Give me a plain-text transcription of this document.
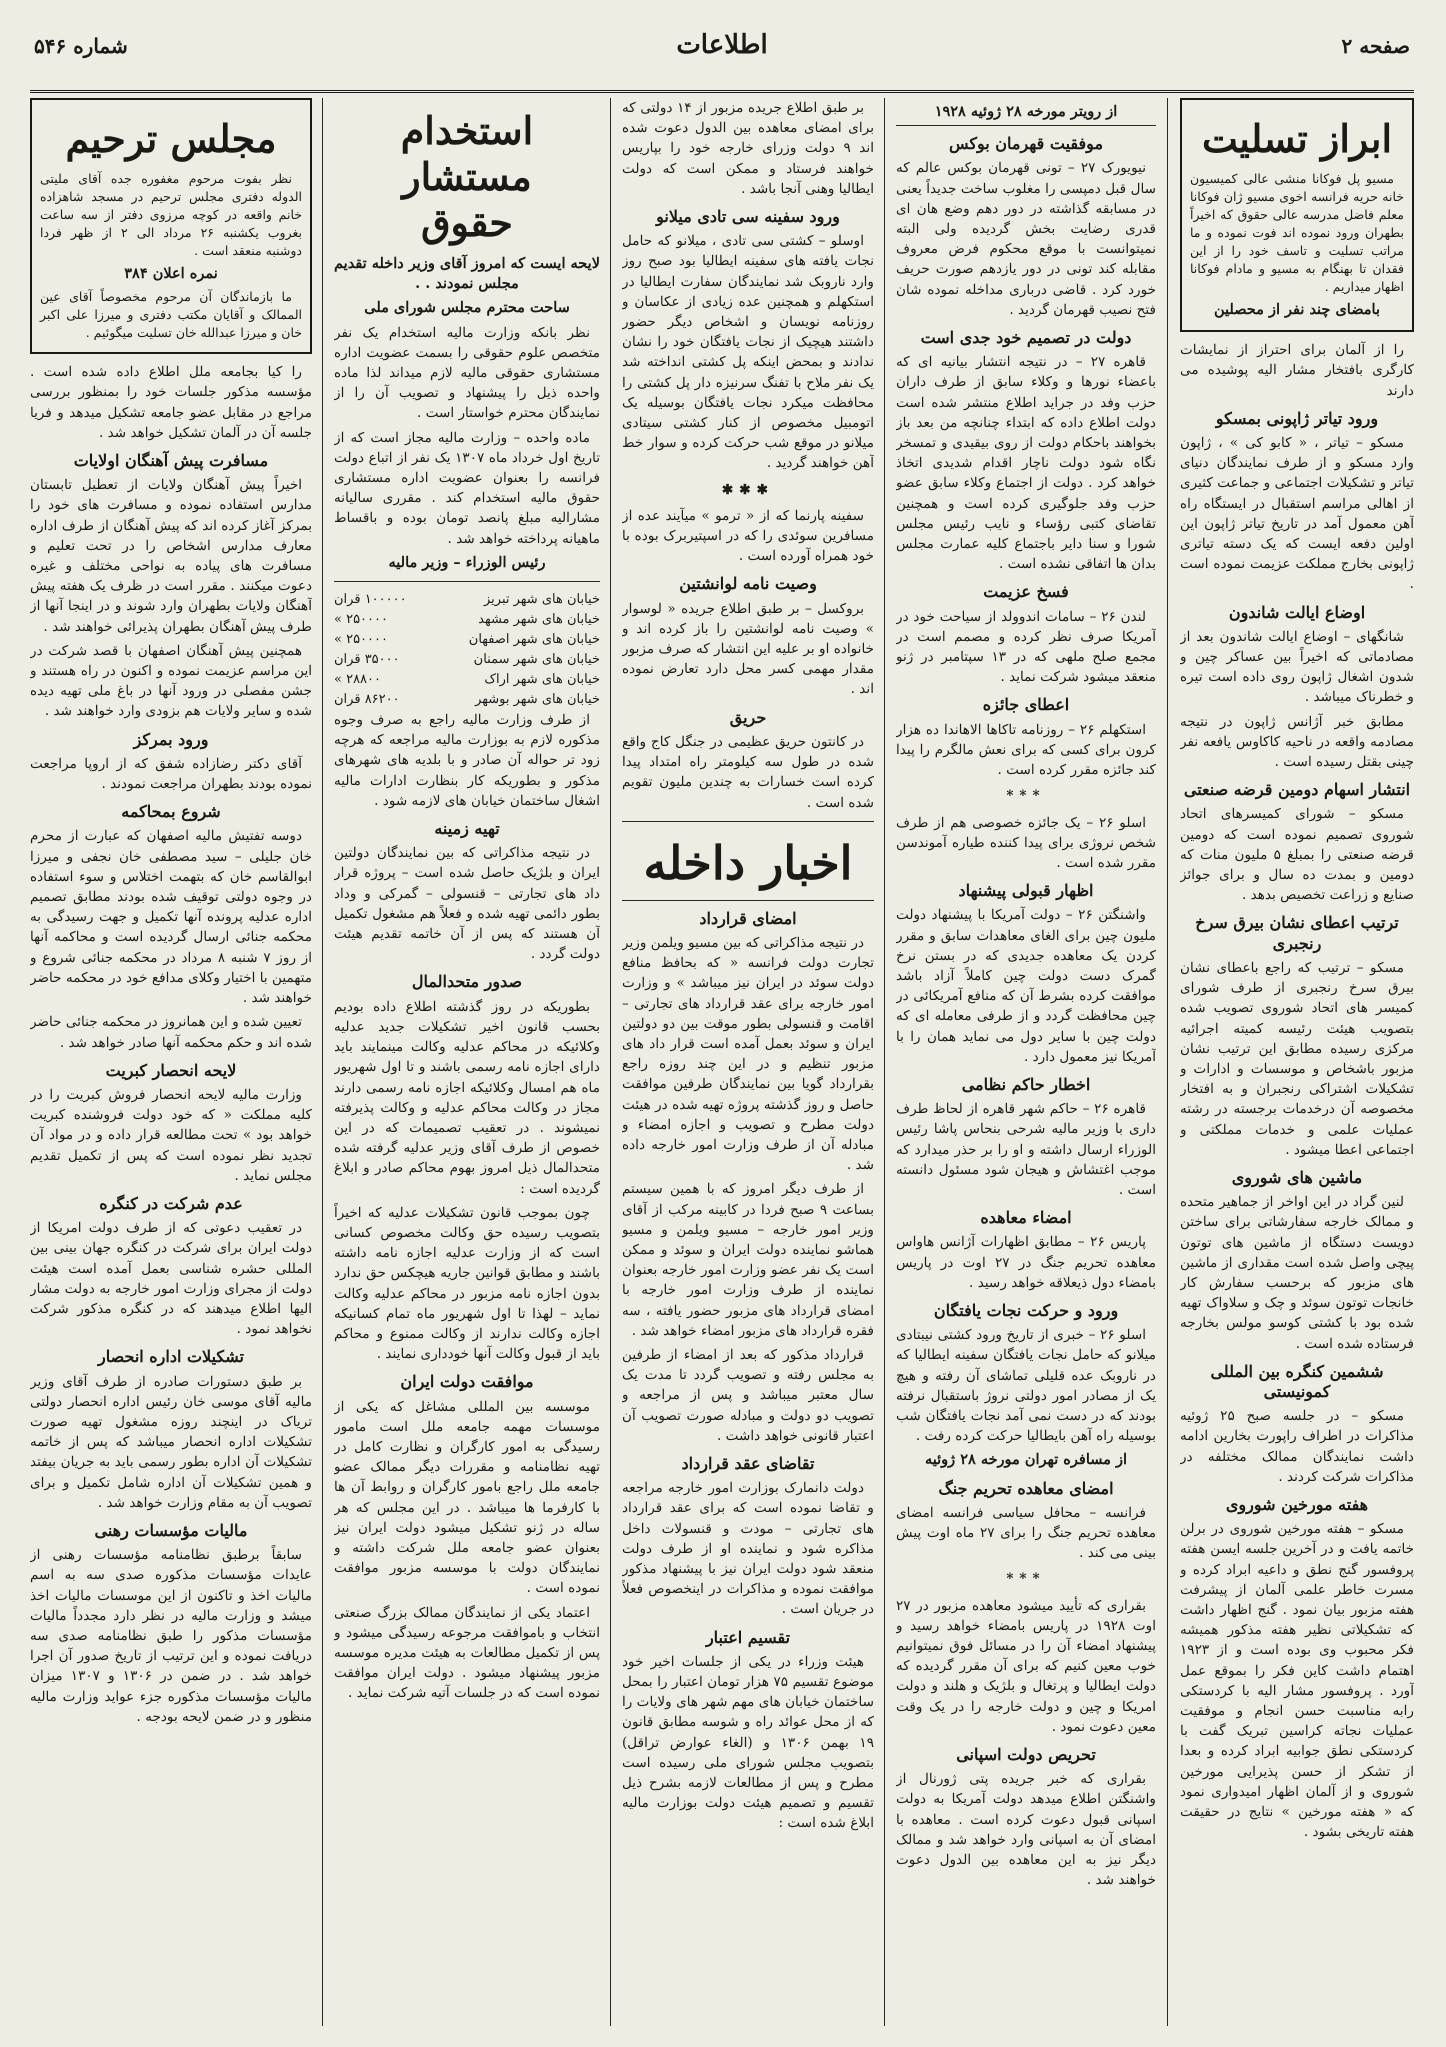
صفحه ۲
اطلاعات
شماره ۵۴۶
ابراز تسلیت

مسیو پل فوکانا منشی عالی کمیسیون خانه حریه فرانسه اخوی مسیو ژان فوکانا معلم فاضل مدرسه عالی حقوق که اخیراً بطهران ورود نموده اند فوت نموده و ما مراتب تسلیت و تاسف خود را از این فقدان تا بهنگام به مسیو و مادام فوکانا اظهار میداریم .

بامضای چند نفر از محصلین

را از آلمان برای احتراز از نمایشات کارگری بافتخار مشار الیه پوشیده می دارند

ورود تیاتر ژاپونی بمسکو

مسکو – تیاتر ، « کابو کی » ، ژاپون وارد مسکو و از طرف نمایندگان دنیای تیاتر و تشکیلات اجتماعی و جماعت کثیری از اهالی مراسم استقبال در ایستگاه راه آهن معمول آمد در تاریخ تیاتر ژاپون این اولین دفعه ایست که یک دسته تیاتری ژاپونی بخارج مملکت عزیمت نموده است .

اوضاع ایالت شاندون

شانگهای – اوضاع ایالت شاندون بعد از مصادماتی که اخیراً بین عساکر چین و شدون اشغال ژاپون روی داده است تیره و خطرناک میباشد .

مطابق خبر آژانس ژاپون در نتیجه مصادمه واقعه در ناحیه کاکاوس یافعه نفر چینی بقتل رسیده است .

انتشار اسهام دومین قرضه صنعتی

مسکو – شورای کمیسرهای اتحاد شوروی تصمیم نموده است که دومین قرضه صنعتی را بمبلغ ۵ ملیون منات که دومین و بمدت ده سال و برای جوائز صنایع و زراعت تخصیص بدهد .

ترتیب اعطای نشان بیرق سرخ رنجبری

مسکو – ترتیب که راجع باعطای نشان بیرق سرخ رنجبری از طرف شورای کمیسر های اتحاد شوروی تصویب شده بتصویب هیئت رئیسه کمیته اجرائیه مرکزی رسیده مطابق این ترتیب نشان مزبور باشخاص و موسسات و ادارات و تشکیلات اشتراکی رنجبران و به افتخار مخصوصه آن درخدمات برجسته در رشته عملیات علمی و خدمات مملکتی و اجتماعی اعطا میشود .

ماشین های شوروی

لنین گراد در این اواخر از جماهیر متحده و ممالک خارجه سفارشاتی برای ساختن دویست دستگاه از ماشین های توتون پیچی واصل شده است مقداری از ماشین های مزبور که برحسب سفارش کار خانجات توتون سوئد و چک و سلاواک تهیه شده بود با کشتی کوسو مولس بخارجه فرستاده شده است .

ششمین کنگره بین المللی کمونیستی

مسکو – در جلسه صبح ۲۵ ژوئیه مذاکرات در اطراف راپورت بخارین ادامه داشت نمایندگان ممالک مختلفه در مذاکرات شرکت کردند .

هفته مورخین شوروی

مسکو – هفته مورخین شوروی در برلن خاتمه یافت و در آخرین جلسه ایسن هفته پروفسور گنج نطق و داعیه ابراد کرده و مسرت خاطر علمی آلمان از پیشرفت هفته مزبور بیان نمود . گنج اظهار داشت که تشکیلاتی نظیر هفته مذکور همیشه فکر محبوب وی بوده است و از ۱۹۲۳ اهتمام داشت کاین فکر را بموقع عمل آورد . پروفسور مشار الیه با کردستکی رابه مناسبت حسن انجام و موفقیت عملیات نجاته کراسین تبریک گفت با کردستکی نطق جوابیه ابراد کرده و بعدا از تشکر از حسن پذیرایی مورخین شوروی و از آلمان اظهار امیدواری نمود که « هفته مورخین » نتایج در حقیقت هفته تاریخی بشود .

از رویتر مورخه ۲۸ ژوئیه ۱۹۲۸
موفقیت قهرمان بوکس

نیویورک ۲۷ – تونی قهرمان بوکس عالم که سال قبل دمپسی را مغلوب ساخت جدیداً یعنی در مسابقه گذاشته در دور دهم وضع هان ای قدری رضایت بخش گردیده ولی البته نمیتوانست با موقع محکوم فرض معروف مقابله کند تونی در دور یازدهم صورت حریف خورد کرد . قاضی درباری مداخله نموده شان فتح نصیب قهرمان گردید .

دولت در تصمیم خود جدی است

قاهره ۲۷ – در نتیجه انتشار بیانیه ای که باعضاء نورها و وکلاء سابق از طرف داران حزب وفد در جراید اطلاع منتشر شده است دولت اطلاع داده که ابتداء چنانچه من بعد باز بخواهند باحکام دولت از روی بیقیدی و تمسخر نگاه شود دولت ناچار اقدام شدیدی اتخاذ خواهد کرد . دولت از اجتماع وکلاء سابق عضو حزب وفد جلوگیری کرده است و همچنین تقاضای کتبی رؤساء و نایب رئیس مجلس شورا و سنا دایر باجتماع کلیه عمارت مجلس بدان ها اتفاقی نشده است .

فسخ عزیمت

لندن ۲۶ – سامات اندوولد از سیاحت خود در آمریکا صرف نظر کرده و مصمم است در مجمع صلح ملهی که در ۱۳ سپتامبر در ژنو منعقد میشود شرکت نماید .

اعطای جائزه

استکهلم ۲۶ – روزنامه تاکاها الاهاندا ده هزار کرون برای کسی که برای نعش مالگرم را پیدا کند جائزه مقرر کرده است .

***

اسلو ۲۶ – یک جائزه خصوصی هم از طرف شخص نروژی برای پیدا کننده طیاره آموندسن مقرر شده است .

اظهار قبولی پیشنهاد

واشنگتن ۲۶ – دولت آمریکا با پیشنهاد دولت ملیون چین برای الغای معاهدات سابق و مقرر کردن یک معاهده جدیدی که در بستن نرخ گمرک دست دولت چین کاملاً آزاد باشد موافقت کرده بشرط آن که منافع آمریکائی در چین محافظت گردد و از طرفی معامله ای که دولت چین با سایر دول می نماید همان را با آمریکا نیز معمول دارد .

اخطار حاکم نظامی

قاهره ۲۶ – حاکم شهر قاهره از لحاظ طرف داری با وزیر مالیه شرحی بنحاس پاشا رئیس الوزراء ارسال داشته و او را بر حذر میدارد که موجب اغتشاش و هیجان شود مسئول دانسته است .

امضاء معاهده

پاریس ۲۶ – مطابق اظهارات آژانس هاواس معاهده تحریم جنگ در ۲۷ اوت در پاریس بامضاء دول ذیعلاقه خواهد رسید .

ورود و حرکت نجات یافتگان

اسلو ۲۶ – خبری از تاریخ ورود کشتی نیبتادی میلانو که حامل نجات یافتگان سفینه ایطالیا که در ناروبک عده قلیلی تماشای آن رفته و هیچ یک از مصادر امور دولتی نروژ باستقبال نرفته بودند که در دست نمی آمد نجات یافتگان شب بوسیله راه آهن بایطالیا حرکت کرده رفت .

از مسافره تهران مورخه ۲۸ ژوئیه
امضای معاهده تحریم جنگ

فرانسه – محافل سیاسی فرانسه امضای معاهده تحریم جنگ را برای ۲۷ ماه اوت پیش بینی می کند .

***

بقراری که تأیید میشود معاهده مزبور در ۲۷ اوت ۱۹۲۸ در پاریس بامضاء خواهد رسید و پیشنهاد امضاء آن را در مسائل فوق نمیتوانیم خوب معین کنیم که برای آن مقرر گردیده که دولت ایطالیا و پرتغال و بلژیک و هلند و دولت امریکا و چین و دولت خارجه را در یک وقت معین دعوت نمود .

تحریص دولت اسپانی

بقراری که خبر جریده پتی ژورنال از واشنگتن اطلاع میدهد دولت آمریکا به دولت اسپانی قبول دعوت کرده است . معاهده با امضای آن به اسپانی وارد خواهد شد و ممالک دیگر نیز به این معاهده بین الدول دعوت خواهند شد .

بر طبق اطلاع جریده مزبور از ۱۴ دولتی که برای امضای معاهده بین الدول دعوت شده اند ۹ دولت وزرای خارجه خود را بپاریس خواهند فرستاد و ممکن است که دولت ایطالیا وهنی آنجا باشد .

ورود سفینه سی تادی میلانو

اوسلو – کشتی سی تادی ، میلانو که حامل نجات یافته های سفینه ایطالیا بود صبح روز وارد ناروبک شد نمایندگان سفارت ایطالیا در استکهلم و همچنین عده زیادی از عکاسان و روزنامه نویسان و اشخاص دیگر حضور داشتند هیچیک از نجات یافتگان خود را نشان ندادند و بمحض اینکه پل کشتی انداخته شد یک نفر ملاح با تفنگ سرنیزه دار پل کشتی را محافظت میکرد نجات یافتگان بوسیله یک اتومبیل مخصوص از کنار کشتی سیتادی میلانو در موقع شب حرکت کرده و سوار خط آهن خواهند گردید .

✱✱✱

سفینه پارنما که از « ترمو » میآیند عده از مسافرین سوئدی را که در اسپتیربرک بوده با خود همراه آورده است .

وصیت نامه لوانشتین

بروکسل – بر طبق اطلاع جریده « لوسوار » وصیت نامه لوانشتین را باز کرده اند و خانواده او بر علیه این انتشار که صرف مزبور مقدار مهمی کسر محل دارد تعارض نموده اند .

حریق

در کانتون حریق عظیمی در جنگل کاج واقع شده در طول سه کیلومتر راه امتداد پیدا کرده است خسارات به چندین ملیون تقویم شده است .

اخبار داخله
امضای قرارداد

در نتیجه مذاکراتی که بین مسیو ویلمن وزیر تجارت دولت فرانسه « که بحافظ منافع دولت سوئد در ایران نیز میباشد » و وزارت امور خارجه برای عقد قرارداد های تجارتی – اقامت و قنسولی بطور موقت بین دو دولتین ایران و سوئد بعمل آمده است قرار داد های مزبور تنظیم و در این چند روزه راجع بقرارداد گویا بین نمایندگان طرفین موافقت حاصل و روز گذشته پروژه تهیه شده در هیئت دولت مطرح و تصویب و اجازه امضاء و مبادله آن از طرف وزارت امور خارجه داده شد .

از طرف دیگر امروز که با همین سیستم بساعت ۹ صبح فردا در کابینه مرکب از آقای وزیر امور خارجه – مسیو ویلمن و مسیو هماشو نماینده دولت ایران و سوئد و ممکن است یک نفر عضو وزارت امور خارجه بعنوان نماینده از طرف وزارت امور خارجه با امضای قرارداد های مزبور حضور یافته ، سه فقره قرارداد های مزبور امضاء خواهد شد .

قرارداد مذکور که بعد از امضاء از طرفین به مجلس رفته و تصویب گردد تا مدت یک سال معتبر میباشد و پس از مراجعه و تصویب دو دولت و مبادله صورت تصویب آن اعتبار قانونی خواهد داشت .

تقاضای عقد قرارداد

دولت دانمارک بوزارت امور خارجه مراجعه و تقاضا نموده است که برای عقد قرارداد های تجارتی – مودت و قنسولات داخل مذاکره شود و نماینده او از طرف دولت منعقد شود دولت ایران نیز با پیشنهاد مذکور موافقت نموده و مذاکرات در اینخصوص فعلاً در جریان است .

تقسیم اعتبار

هیئت وزراء در یکی از جلسات اخیر خود موضوع تقسیم ۷۵ هزار تومان اعتبار را بمحل ساختمان خیابان های مهم شهر های ولایات را که از محل عوائد راه و شوسه مطابق قانون ۱۹ بهمن ۱۳۰۶ و (الغاء عوارض تراقل) بتصویب مجلس شورای ملی رسیده است مطرح و پس از مطالعات لازمه بشرح ذیل تقسیم و تصمیم هیئت دولت بوزارت مالیه ابلاغ شده است :

استخدام مستشار
حقوق
لایحه ایست که امروز آقای وزیر داخله تقدیم مجلس نمودند . .
ساحت محترم مجلس شورای ملی

نظر بانکه وزارت مالیه استخدام یک نفر متخصص علوم حقوقی را بسمت عضویت اداره مستشاری حقوقی مالیه لازم میداند لذا ماده واحده ذیل را پیشنهاد و تصویب آن را از نمایندگان محترم خواستار است .

ماده واحده – وزارت مالیه مجاز است که از تاریخ اول خرداد ماه ۱۳۰۷ یک نفر از اتباع دولت فرانسه را بعنوان عضویت اداره مستشاری حقوق مالیه استخدام کند . مقرری سالیانه مشارالیه مبلغ پانصد تومان بوده و باقساط ماهیانه پرداخته خواهد شد .

رئیس الوزراء – وزیر مالیه
خیابان های شهر تبریز
۱۰۰۰۰۰ قران
خیابان های شهر مشهد
۲۵۰۰۰۰ »
خیابان های شهر اصفهان
۲۵۰۰۰۰ »
خیابان های شهر سمنان
۳۵۰۰۰ قران
خیابان های شهر اراک
۲۸۸۰۰ »
خیابان های شهر بوشهر
۸۶۲۰۰ قران

از طرف وزارت مالیه راجع به صرف وجوه مذکوره لازم به بوزارت مالیه مراجعه که هرچه زود تر حواله آن صادر و با بلدیه های شهرهای مذکور و بطوریکه کار بنظارت ادارات مالیه اشغال ساختمان خیابان های لازمه شود .

تهیه زمینه

در نتیجه مذاکراتی که بین نمایندگان دولتین ایران و بلژیک حاصل شده است – پروژه قرار داد های تجارتی – قنسولی – گمرکی و وداد بطور دائمی تهیه شده و فعلاً هم مشغول تکمیل آن هستند که پس از آن خاتمه تقدیم هیئت دولت گردد .

صدور متحدالمال

بطوریکه در روز گذشته اطلاع داده بودیم بحسب قانون اخیر تشکیلات جدید عدلیه وکلائیکه در محاکم عدلیه وکالت مینمایند باید دارای اجازه نامه رسمی باشند و تا اول شهریور ماه هم امسال وکلائیکه اجازه نامه رسمی دارند مجاز در وکالت محاکم عدلیه و وکالت پذیرفته نمیشوند . در تعقیب تصمیمات که در این خصوص از طرف آقای وزیر عدلیه گرفته شده متحدالمال ذیل امروز بهوم محاکم صادر و ابلاغ گردیده است :

چون بموجب قانون تشکیلات عدلیه که اخیراً بتصویب رسیده حق وکالت مخصوص کسانی است که از وزارت عدلیه اجازه نامه داشته باشند و مطابق قوانین جاریه هیچکس حق ندارد بدون اجازه نامه مزبور در محاکم عدلیه وکالت نماید – لهذا تا اول شهریور ماه تمام کسانیکه اجازه وکالت ندارند از وکالت ممنوع و محاکم باید از قبول وکالت آنها خودداری نمایند .

موافقت دولت ایران

موسسه بین المللی مشاغل که یکی از موسسات مهمه جامعه ملل است مامور رسیدگی به امور کارگران و نظارت کامل در تهیه نظامنامه و مقررات دیگر ممالک عضو جامعه ملل راجع بامور کارگران و روابط آن ها با کارفرما ها میباشد . در این مجلس که هر ساله در ژنو تشکیل میشود دولت ایران نیز بعنوان عضو جامعه ملل شرکت داشته و نمایندگان دولت با موسسه مزبور موافقت نموده است .

اعتماد یکی از نمایندگان ممالک بزرگ صنعتی انتخاب و باموافقت مرجوعه رسیدگی میشود و پس از تکمیل مطالعات به هیئت مدیره موسسه مزبور پیشنهاد میشود . دولت ایران موافقت نموده است که در جلسات آتیه شرکت نماید .

مجلس ترحیم

نظر بفوت مرحوم مغفوره جده آقای ملیتی الدوله دفتری مجلس ترحیم در مسجد شاهزاده خانم واقعه در کوچه مرزوی دفتر از سه ساعت بغروب یکشنبه ۲۶ مرداد الی ۲ از ظهر فردا دوشنبه منعقد است .

نمره اعلان ۳۸۴

ما بازماندگان آن مرحوم مخصوصاً آقای عین الممالک و آقایان مکتب دفتری و میرزا علی اکبر خان و میرزا عبدالله خان تسلیت میگوئیم .

را کیا بجامعه ملل اطلاع داده شده است . مؤسسه مذکور جلسات خود را بمنظور بررسی مراجع در مقابل عضو جامعه تشکیل میدهد و فریا جلسه آن در آلمان تشکیل خواهد شد .

مسافرت پیش آهنگان اولایات

اخیراً پیش آهنگان ولایات از تعطیل تابستان مدارس استفاده نموده و مسافرت های خود را بمرکز آغاز کرده اند که پیش آهنگان از طرف اداره معارف مدارس اشخاص را در تحت تعلیم و مسافرت های پیاده به نواحی مختلف و غیره دعوت میکنند . مقرر است در ظرف یک هفته پیش آهنگان ولایات بطهران وارد شوند و در اینجا آنها از طرف پیش آهنگان بطهران پذیرائی خواهند شد .

همچنین پیش آهنگان اصفهان با قصد شرکت در این مراسم عزیمت نموده و اکنون در راه هستند و جشن مفصلی در ورود آنها در باغ ملی تهیه دیده شده و سایر ولایات هم بزودی وارد خواهند شد .

ورود بمرکز

آقای دکتر رضازاده شفق که از اروپا مراجعت نموده بودند بطهران مراجعت نمودند .

شروع بمحاکمه

دوسه تفتیش مالیه اصفهان که عبارت از محرم خان جلیلی – سید مصطفی خان نجفی و میرزا ابوالقاسم خان که بتهمت اختلاس و سوء استفاده در وجوه دولتی توقیف شده بودند مطابق تصمیم اداره عدلیه پرونده آنها تکمیل و جهت رسیدگی به محکمه جنائی ارسال گردیده است و محاکمه آنها از روز ۷ شنبه ۸ مرداد در محکمه جنائی شروع و متهمین با اختیار وکلای مدافع خود در محکمه حاضر خواهند شد .

تعیین شده و این همانروز در محکمه جنائی حاضر شده اند و حکم محکمه آنها صادر خواهد شد .

لایحه انحصار کبریت

وزارت مالیه لایحه انحصار فروش کبریت را در کلیه مملکت « که خود دولت فروشنده کبریت خواهد بود » تحت مطالعه قرار داده و در مواد آن تجدید نظر نموده است که پس از تکمیل تقدیم مجلس نماید .

عدم شرکت در کنگره

در تعقیب دعوتی که از طرف دولت امریکا از دولت ایران برای شرکت در کنگره جهان بینی بین المللی حشره شناسی بعمل آمده است هیئت دولت از مجرای وزارت امور خارجه به دولت مشار الیها اطلاع میدهند که در کنگره مذکور شرکت نخواهد نمود .

تشکیلات اداره انحصار

بر طبق دستورات صادره از طرف آقای وزیر مالیه آقای موسی خان رئیس اداره انحصار دولتی تریاک در اینچند روزه مشغول تهیه صورت تشکیلات اداره انحصار میباشد که پس از خاتمه تشکیلات آن اداره بطور رسمی باید به جریان بیفتد و همین تشکیلات آن اداره شامل تکمیل و برای تصویب آن به مقام وزارت خواهد شد .

مالیات مؤسسات رهنی

سابقاً برطبق نظامنامه مؤسسات رهنی از عایدات مؤسسات مذکوره صدی سه به اسم مالیات اخذ و تاکنون از این موسسات مالیات اخذ میشد و وزارت مالیه در نظر دارد مجدداً مالیات مؤسسات مذکور را طبق نظامنامه صدی سه دریافت نموده و این ترتیب از تاریخ صدور آن اجرا خواهد شد . در ضمن در ۱۳۰۶ و ۱۳۰۷ میزان مالیات مؤسسات مذکوره جزء عواید وزارت مالیه منظور و در ضمن لایحه بودجه .
